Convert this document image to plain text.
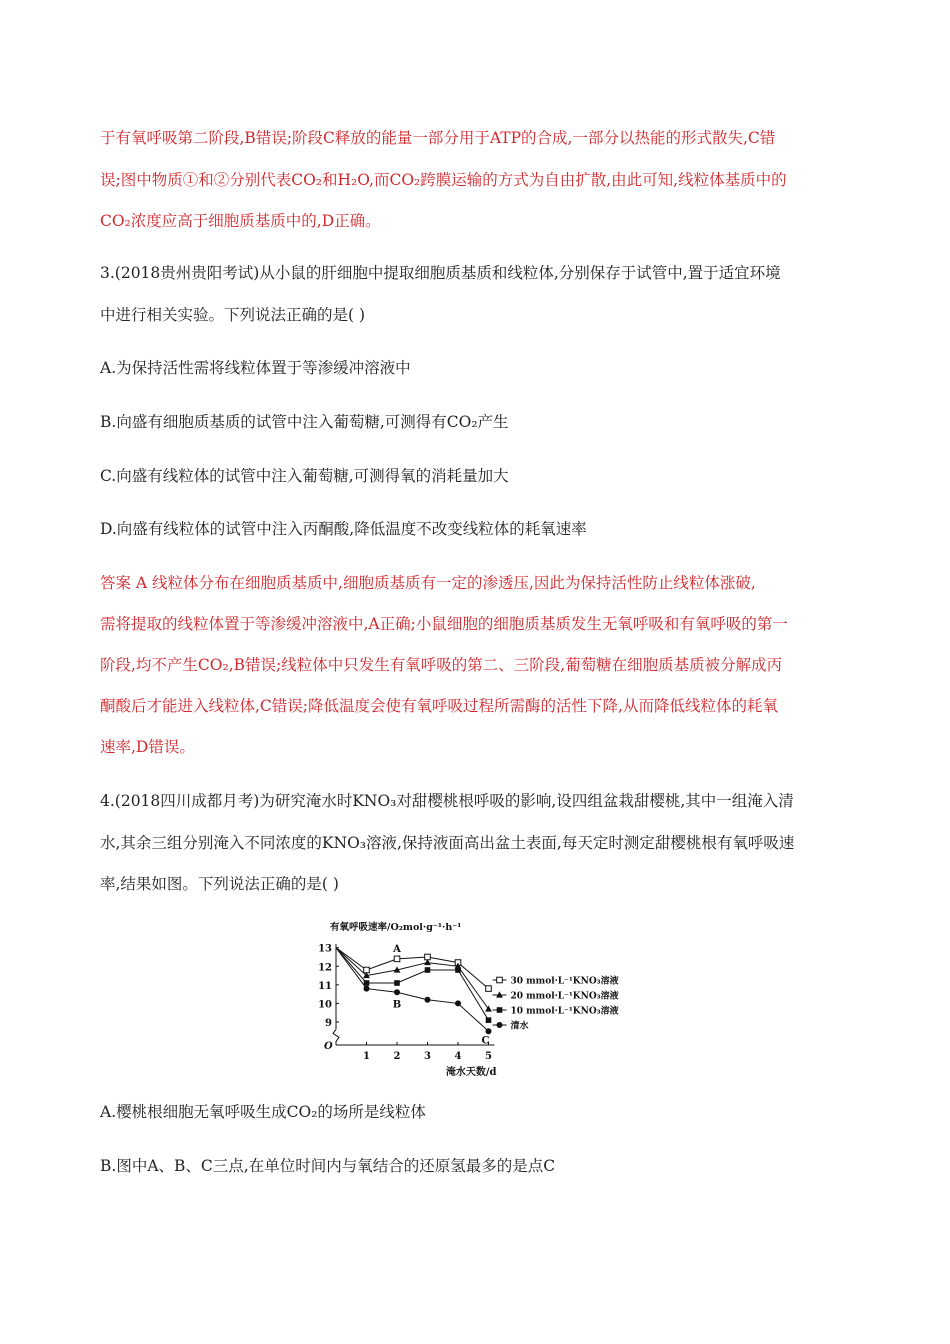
于有氧呼吸第二阶段,B错误;阶段C释放的能量一部分用于ATP的合成,一部分以热能的形式散失,C错
误;图中物质①和②分别代表CO₂和H₂O,而CO₂跨膜运输的方式为自由扩散,由此可知,线粒体基质中的
CO₂浓度应高于细胞质基质中的,D正确。
3.(2018贵州贵阳考试)从小鼠的肝细胞中提取细胞质基质和线粒体,分别保存于试管中,置于适宜环境
中进行相关实验。下列说法正确的是( )
A.为保持活性需将线粒体置于等渗缓冲溶液中
B.向盛有细胞质基质的试管中注入葡萄糖,可测得有CO₂产生
C.向盛有线粒体的试管中注入葡萄糖,可测得氧的消耗量加大
D.向盛有线粒体的试管中注入丙酮酸,降低温度不改变线粒体的耗氧速率
答案 A 线粒体分布在细胞质基质中,细胞质基质有一定的渗透压,因此为保持活性防止线粒体涨破,
需将提取的线粒体置于等渗缓冲溶液中,A正确;小鼠细胞的细胞质基质发生无氧呼吸和有氧呼吸的第一
阶段,均不产生CO₂,B错误;线粒体中只发生有氧呼吸的第二、三阶段,葡萄糖在细胞质基质被分解成丙
酮酸后才能进入线粒体,C错误;降低温度会使有氧呼吸过程所需酶的活性下降,从而降低线粒体的耗氧
速率,D错误。
4.(2018四川成都月考)为研究淹水时KNO₃对甜樱桃根呼吸的影响,设四组盆栽甜樱桃,其中一组淹入清
水,其余三组分别淹入不同浓度的KNO₃溶液,保持液面高出盆土表面,每天定时测定甜樱桃根有氧呼吸速
率,结果如图。下列说法正确的是( )
O
9
10
11
12
13
1 2 3 4 5
有氧呼吸速率/O₂mol·g⁻¹·h⁻¹
淹水天数/d
A
B
C
30 mmol·L⁻¹KNO₃溶液
20 mmol·L⁻¹KNO₃溶液
10 mmol·L⁻¹KNO₃溶液
清水
A.樱桃根细胞无氧呼吸生成CO₂的场所是线粒体
B.图中A、B、C三点,在单位时间内与氧结合的还原氢最多的是点C
